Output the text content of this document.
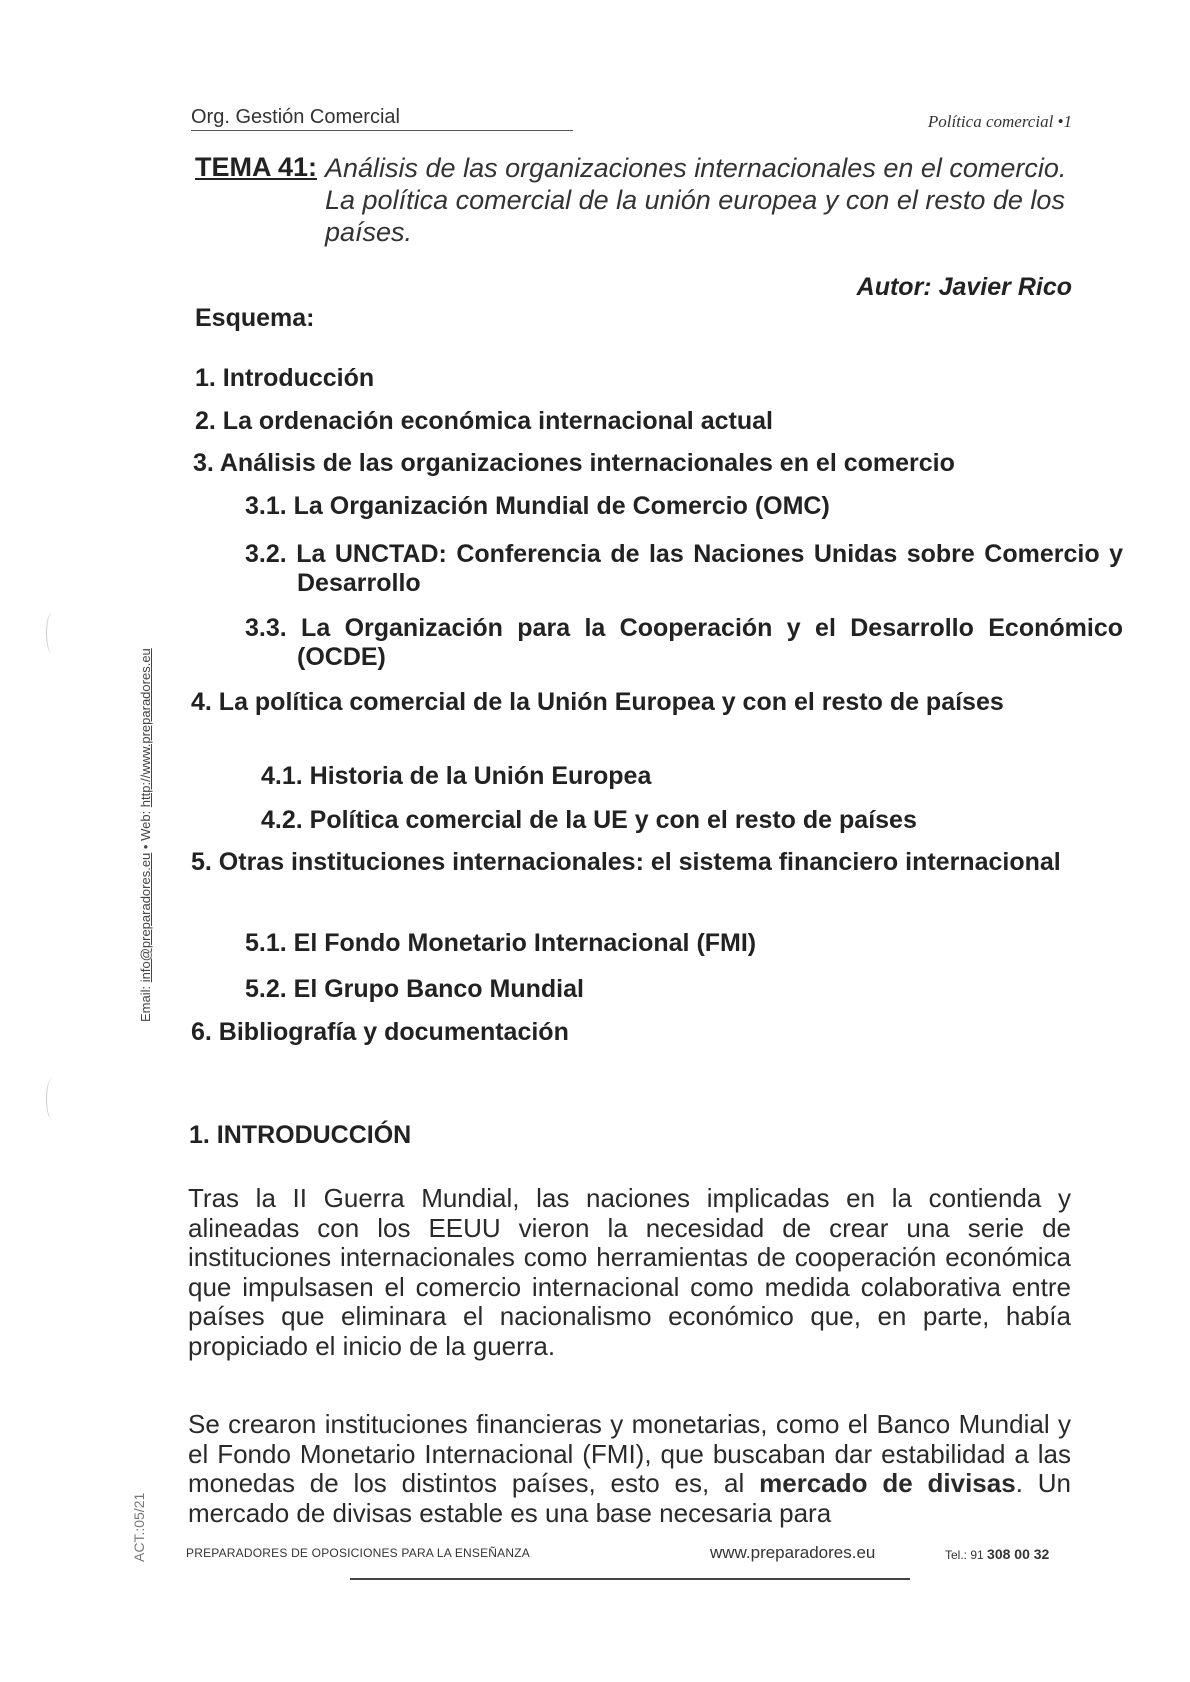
Org. Gestión Comercial	Política comercial •1
TEMA 41: Análisis de las organizaciones internacionales en el comercio. La política comercial de la unión europea y con el resto de los países.
Autor: Javier Rico
Esquema:
1. Introducción
2. La ordenación económica internacional actual
3. Análisis de las organizaciones internacionales en el comercio
3.1. La Organización Mundial de Comercio (OMC)
3.2. La UNCTAD: Conferencia de las Naciones Unidas sobre Comercio y Desarrollo
3.3. La Organización para la Cooperación y el Desarrollo Económico (OCDE)
4. La política comercial de la Unión Europea y con el resto de países
4.1. Historia de la Unión Europea
4.2. Política comercial de la UE y con el resto de países
5. Otras instituciones internacionales: el sistema financiero internacional
5.1. El Fondo Monetario Internacional (FMI)
5.2. El Grupo Banco Mundial
6. Bibliografía y documentación
1. INTRODUCCIÓN
Tras la II Guerra Mundial, las naciones implicadas en la contienda y alineadas con los EEUU vieron la necesidad de crear una serie de instituciones internacionales como herramientas de cooperación económica que impulsasen el comercio internacional como medida colaborativa entre países que eliminara el nacionalismo económico que, en parte, había propiciado el inicio de la guerra.
Se crearon instituciones financieras y monetarias, como el Banco Mundial y el Fondo Monetario Internacional (FMI), que buscaban dar estabilidad a las monedas de los distintos países, esto es, al mercado de divisas. Un mercado de divisas estable es una base necesaria para
Email: info@preparadores.eu • Web: http://www.preparadores.eu
ACT.:05/21	PREPARADORES DE OPOSICIONES PARA LA ENSEÑANZA	www.preparadores.eu	Tel.: 91 308 00 32
